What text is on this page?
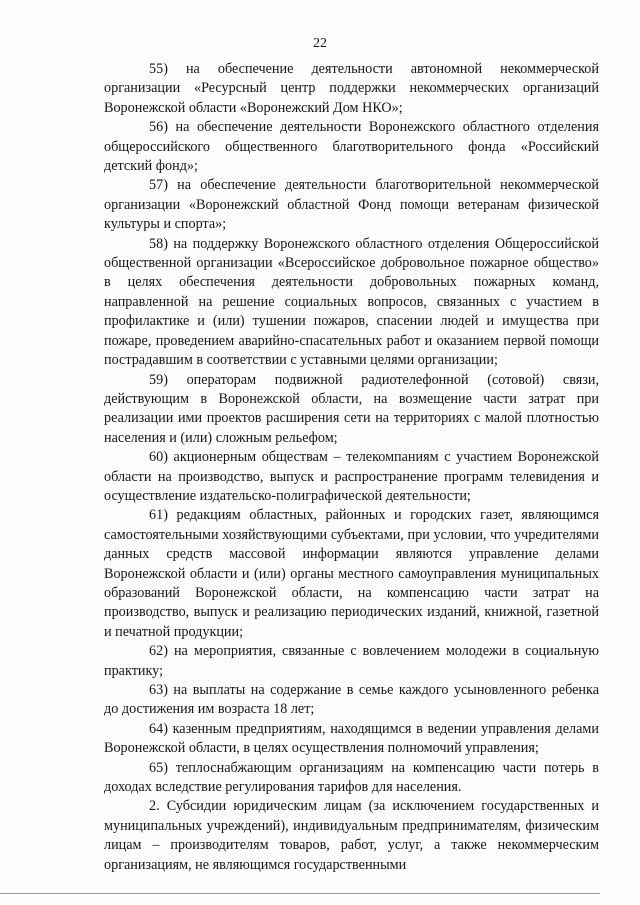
22

55) на обеспечение деятельности автономной некоммерческой организации «Ресурсный центр поддержки некоммерческих организаций Воронежской области «Воронежский Дом НКО»;

56) на обеспечение деятельности Воронежского областного отделения общероссийского общественного благотворительного фонда «Российский детский фонд»;

57) на обеспечение деятельности благотворительной некоммерческой организации «Воронежский областной Фонд помощи ветеранам физической культуры и спорта»;

58) на поддержку Воронежского областного отделения Общероссийской общественной организации «Всероссийское добровольное пожарное общество» в целях обеспечения деятельности добровольных пожарных команд, направленной на решение социальных вопросов, связанных с участием в профилактике и (или) тушении пожаров, спасении людей и имущества при пожаре, проведением аварийно-спасательных работ и оказанием первой помощи пострадавшим в соответствии с уставными целями организации;

59) операторам подвижной радиотелефонной (сотовой) связи, действующим в Воронежской области, на возмещение части затрат при реализации ими проектов расширения сети на территориях с малой плотностью населения и (или) сложным рельефом;

60) акционерным обществам – телекомпаниям с участием Воронежской области на производство, выпуск и распространение программ телевидения и осуществление издательско-полиграфической деятельности;

61) редакциям областных, районных и городских газет, являющимся самостоятельными хозяйствующими субъектами, при условии, что учредителями данных средств массовой информации являются управление делами Воронежской области и (или) органы местного самоуправления муниципальных образований Воронежской области, на компенсацию части затрат на производство, выпуск и реализацию периодических изданий, книжной, газетной и печатной продукции;

62) на мероприятия, связанные с вовлечением молодежи в социальную практику;

63) на выплаты на содержание в семье каждого усыновленного ребенка до достижения им возраста 18 лет;

64) казенным предприятиям, находящимся в ведении управления делами Воронежской области, в целях осуществления полномочий управления;

65) теплоснабжающим организациям на компенсацию части потерь в доходах вследствие регулирования тарифов для населения.

2. Субсидии юридическим лицам (за исключением государственных и муниципальных учреждений), индивидуальным предпринимателям, физическим лицам – производителям товаров, работ, услуг, а также некоммерческим организациям, не являющимся государственными
